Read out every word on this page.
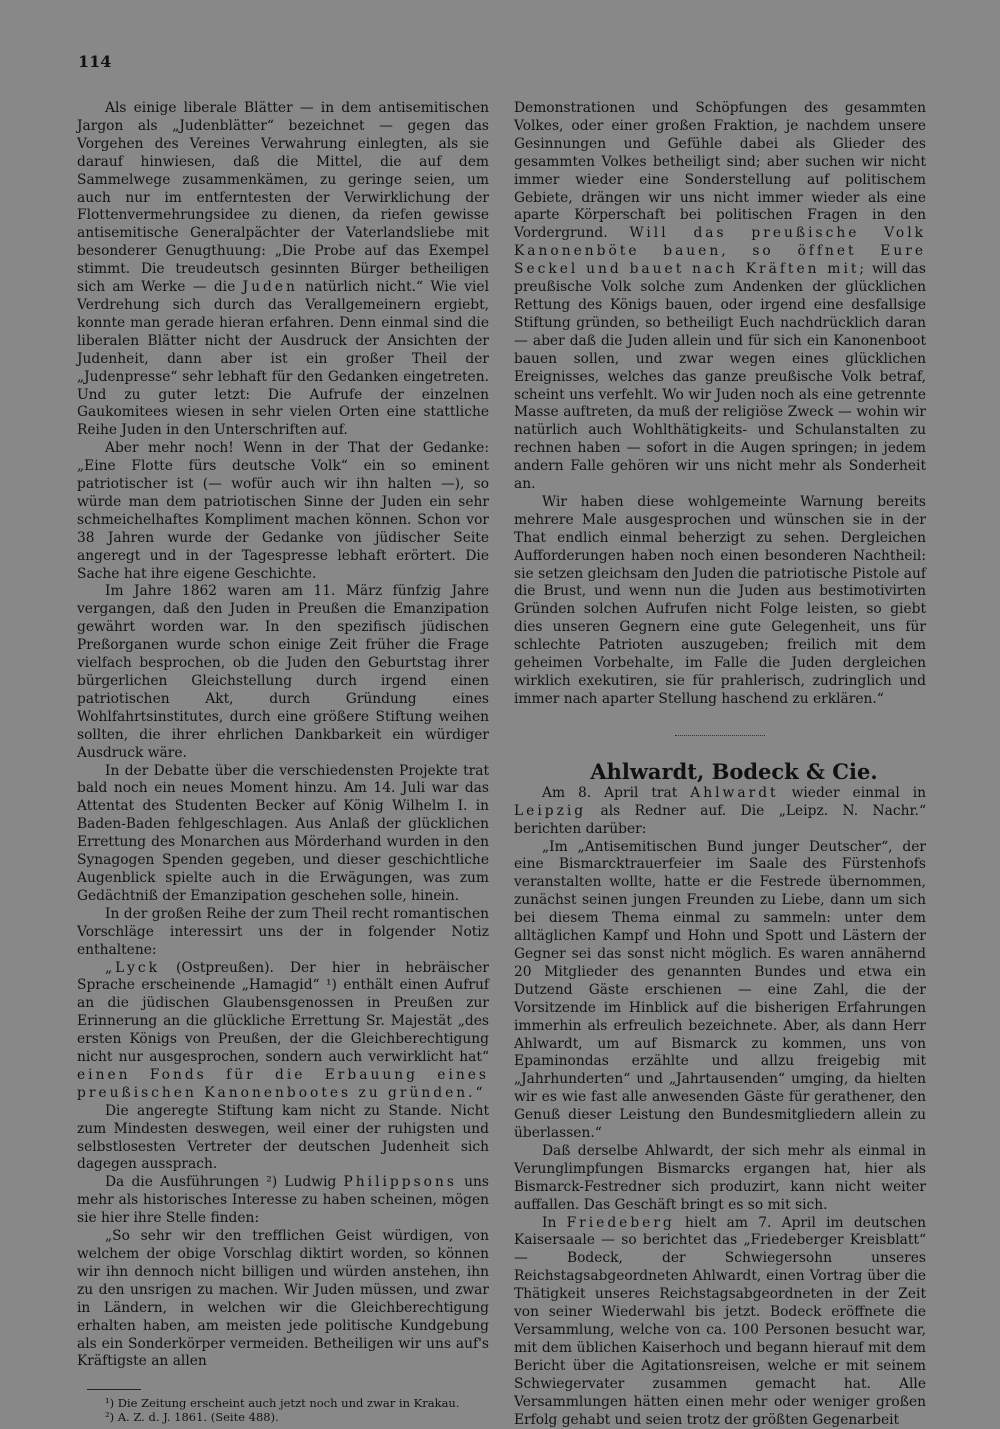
114

Als einige liberale Blätter — in dem antisemitischen Jargon als „Judenblätter“ bezeichnet — gegen das Vorgehen des Vereines Verwahrung einlegten, als sie darauf hinwiesen, daß die Mittel, die auf dem Sammelwege zusammenkämen, zu geringe seien, um auch nur im entferntesten der Verwirklichung der Flottenvermehrungsidee zu dienen, da riefen gewisse antisemitische Generalpächter der Vaterlandsliebe mit besonderer Genugthuung: „Die Probe auf das Exempel stimmt. Die treudeutsch gesinnten Bürger betheiligen sich am Werke — die Juden natürlich nicht.“ Wie viel Verdrehung sich durch das Verallgemeinern ergiebt, konnte man gerade hieran erfahren. Denn einmal sind die liberalen Blätter nicht der Ausdruck der Ansichten der Judenheit, dann aber ist ein großer Theil der „Judenpresse“ sehr lebhaft für den Gedanken eingetreten. Und zu guter letzt: Die Aufrufe der einzelnen Gaukomitees wiesen in sehr vielen Orten eine stattliche Reihe Juden in den Unterschriften auf.

Aber mehr noch! Wenn in der That der Gedanke: „Eine Flotte fürs deutsche Volk“ ein so eminent patriotischer ist (— wofür auch wir ihn halten —), so würde man dem patriotischen Sinne der Juden ein sehr schmeichelhaftes Kompliment machen können. Schon vor 38 Jahren wurde der Gedanke von jüdischer Seite angeregt und in der Tagespresse lebhaft erörtert. Die Sache hat ihre eigene Geschichte.

Im Jahre 1862 waren am 11. März fünfzig Jahre vergangen, daß den Juden in Preußen die Emanzipation gewährt worden war. In den spezifisch jüdischen Preßorganen wurde schon einige Zeit früher die Frage vielfach besprochen, ob die Juden den Geburtstag ihrer bürgerlichen Gleichstellung durch irgend einen patriotischen Akt, durch Gründung eines Wohlfahrtsinstitutes, durch eine größere Stiftung weihen sollten, die ihrer ehrlichen Dankbarkeit ein würdiger Ausdruck wäre.

In der Debatte über die verschiedensten Projekte trat bald noch ein neues Moment hinzu. Am 14. Juli war das Attentat des Studenten Becker auf König Wilhelm I. in Baden-Baden fehlgeschlagen. Aus Anlaß der glücklichen Errettung des Monarchen aus Mörderhand wurden in den Synagogen Spenden gegeben, und dieser geschichtliche Augenblick spielte auch in die Erwägungen, was zum Gedächtniß der Emanzipation geschehen solle, hinein.

In der großen Reihe der zum Theil recht romantischen Vorschläge interessirt uns der in folgender Notiz enthaltene:

„Lyck (Ostpreußen). Der hier in hebräischer Sprache erscheinende „Hamagid“ ¹) enthält einen Aufruf an die jüdischen Glaubensgenossen in Preußen zur Erinnerung an die glückliche Errettung Sr. Majestät „des ersten Königs von Preußen, der die Gleichberechtigung nicht nur ausgesprochen, sondern auch verwirklicht hat“ einen Fonds für die Erbauung eines preußischen Kanonenbootes zu gründen.“

Die angeregte Stiftung kam nicht zu Stande. Nicht zum Mindesten deswegen, weil einer der ruhigsten und selbstlosesten Vertreter der deutschen Judenheit sich dagegen aussprach.

Da die Ausführungen ²) Ludwig Philippsons uns mehr als historisches Interesse zu haben scheinen, mögen sie hier ihre Stelle finden:

„So sehr wir den trefflichen Geist würdigen, von welchem der obige Vorschlag diktirt worden, so können wir ihn dennoch nicht billigen und würden anstehen, ihn zu den unsrigen zu machen. Wir Juden müssen, und zwar in Ländern, in welchen wir die Gleichberechtigung erhalten haben, am meisten jede politische Kundgebung als ein Sonderkörper vermeiden. Betheiligen wir uns auf's Kräftigste an allen

¹) Die Zeitung erscheint auch jetzt noch und zwar in Krakau.

²) A. Z. d. J. 1861. (Seite 488).

Demonstrationen und Schöpfungen des gesammten Volkes, oder einer großen Fraktion, je nachdem unsere Gesinnungen und Gefühle dabei als Glieder des gesammten Volkes betheiligt sind; aber suchen wir nicht immer wieder eine Sonderstellung auf politischem Gebiete, drängen wir uns nicht immer wieder als eine aparte Körperschaft bei politischen Fragen in den Vordergrund. Will das preußische Volk Kanonenböte bauen, so öffnet Eure Seckel und bauet nach Kräften mit; will das preußische Volk solche zum Andenken der glücklichen Rettung des Königs bauen, oder irgend eine desfallsige Stiftung gründen, so betheiligt Euch nachdrücklich daran — aber daß die Juden allein und für sich ein Kanonenboot bauen sollen, und zwar wegen eines glücklichen Ereignisses, welches das ganze preußische Volk betraf, scheint uns verfehlt. Wo wir Juden noch als eine getrennte Masse auftreten, da muß der religiöse Zweck — wohin wir natürlich auch Wohlthätigkeits- und Schulanstalten zu rechnen haben — sofort in die Augen springen; in jedem andern Falle gehören wir uns nicht mehr als Sonderheit an.

Wir haben diese wohlgemeinte Warnung bereits mehrere Male ausgesprochen und wünschen sie in der That endlich einmal beherzigt zu sehen. Dergleichen Aufforderungen haben noch einen besonderen Nachtheil: sie setzen gleichsam den Juden die patriotische Pistole auf die Brust, und wenn nun die Juden aus bestimotivirten Gründen solchen Aufrufen nicht Folge leisten, so giebt dies unseren Gegnern eine gute Gelegenheit, uns für schlechte Patrioten auszugeben; freilich mit dem geheimen Vorbehalte, im Falle die Juden dergleichen wirklich exekutiren, sie für prahlerisch, zudringlich und immer nach aparter Stellung haschend zu erklären.“

Ahlwardt, Bodeck & Cie.

Am 8. April trat Ahlwardt wieder einmal in Leipzig als Redner auf. Die „Leipz. N. Nachr.“ berichten darüber:

„Im „Antisemitischen Bund junger Deutscher“, der eine Bismarcktrauerfeier im Saale des Fürstenhofs veranstalten wollte, hatte er die Festrede übernommen, zunächst seinen jungen Freunden zu Liebe, dann um sich bei diesem Thema einmal zu sammeln: unter dem alltäglichen Kampf und Hohn und Spott und Lästern der Gegner sei das sonst nicht möglich. Es waren annähernd 20 Mitglieder des genannten Bundes und etwa ein Dutzend Gäste erschienen — eine Zahl, die der Vorsitzende im Hinblick auf die bisherigen Erfahrungen immerhin als erfreulich bezeichnete. Aber, als dann Herr Ahlwardt, um auf Bismarck zu kommen, uns von Epaminondas erzählte und allzu freigebig mit „Jahrhunderten“ und „Jahrtausenden“ umging, da hielten wir es wie fast alle anwesenden Gäste für gerathener, den Genuß dieser Leistung den Bundesmitgliedern allein zu überlassen.“

Daß derselbe Ahlwardt, der sich mehr als einmal in Verunglimpfungen Bismarcks ergangen hat, hier als Bismarck-Festredner sich produzirt, kann nicht weiter auffallen. Das Geschäft bringt es so mit sich.

In Friedeberg hielt am 7. April im deutschen Kaisersaale — so berichtet das „Friedeberger Kreisblatt“ — Bodeck, der Schwiegersohn unseres Reichstagsabgeordneten Ahlwardt, einen Vortrag über die Thätigkeit unseres Reichstagsabgeordneten in der Zeit von seiner Wiederwahl bis jetzt. Bodeck eröffnete die Versammlung, welche von ca. 100 Personen besucht war, mit dem üblichen Kaiserhoch und begann hierauf mit dem Bericht über die Agitationsreisen, welche er mit seinem Schwiegervater zusammen gemacht hat. Alle Versammlungen hätten einen mehr oder weniger großen Erfolg gehabt und seien trotz der größten Gegenarbeit
